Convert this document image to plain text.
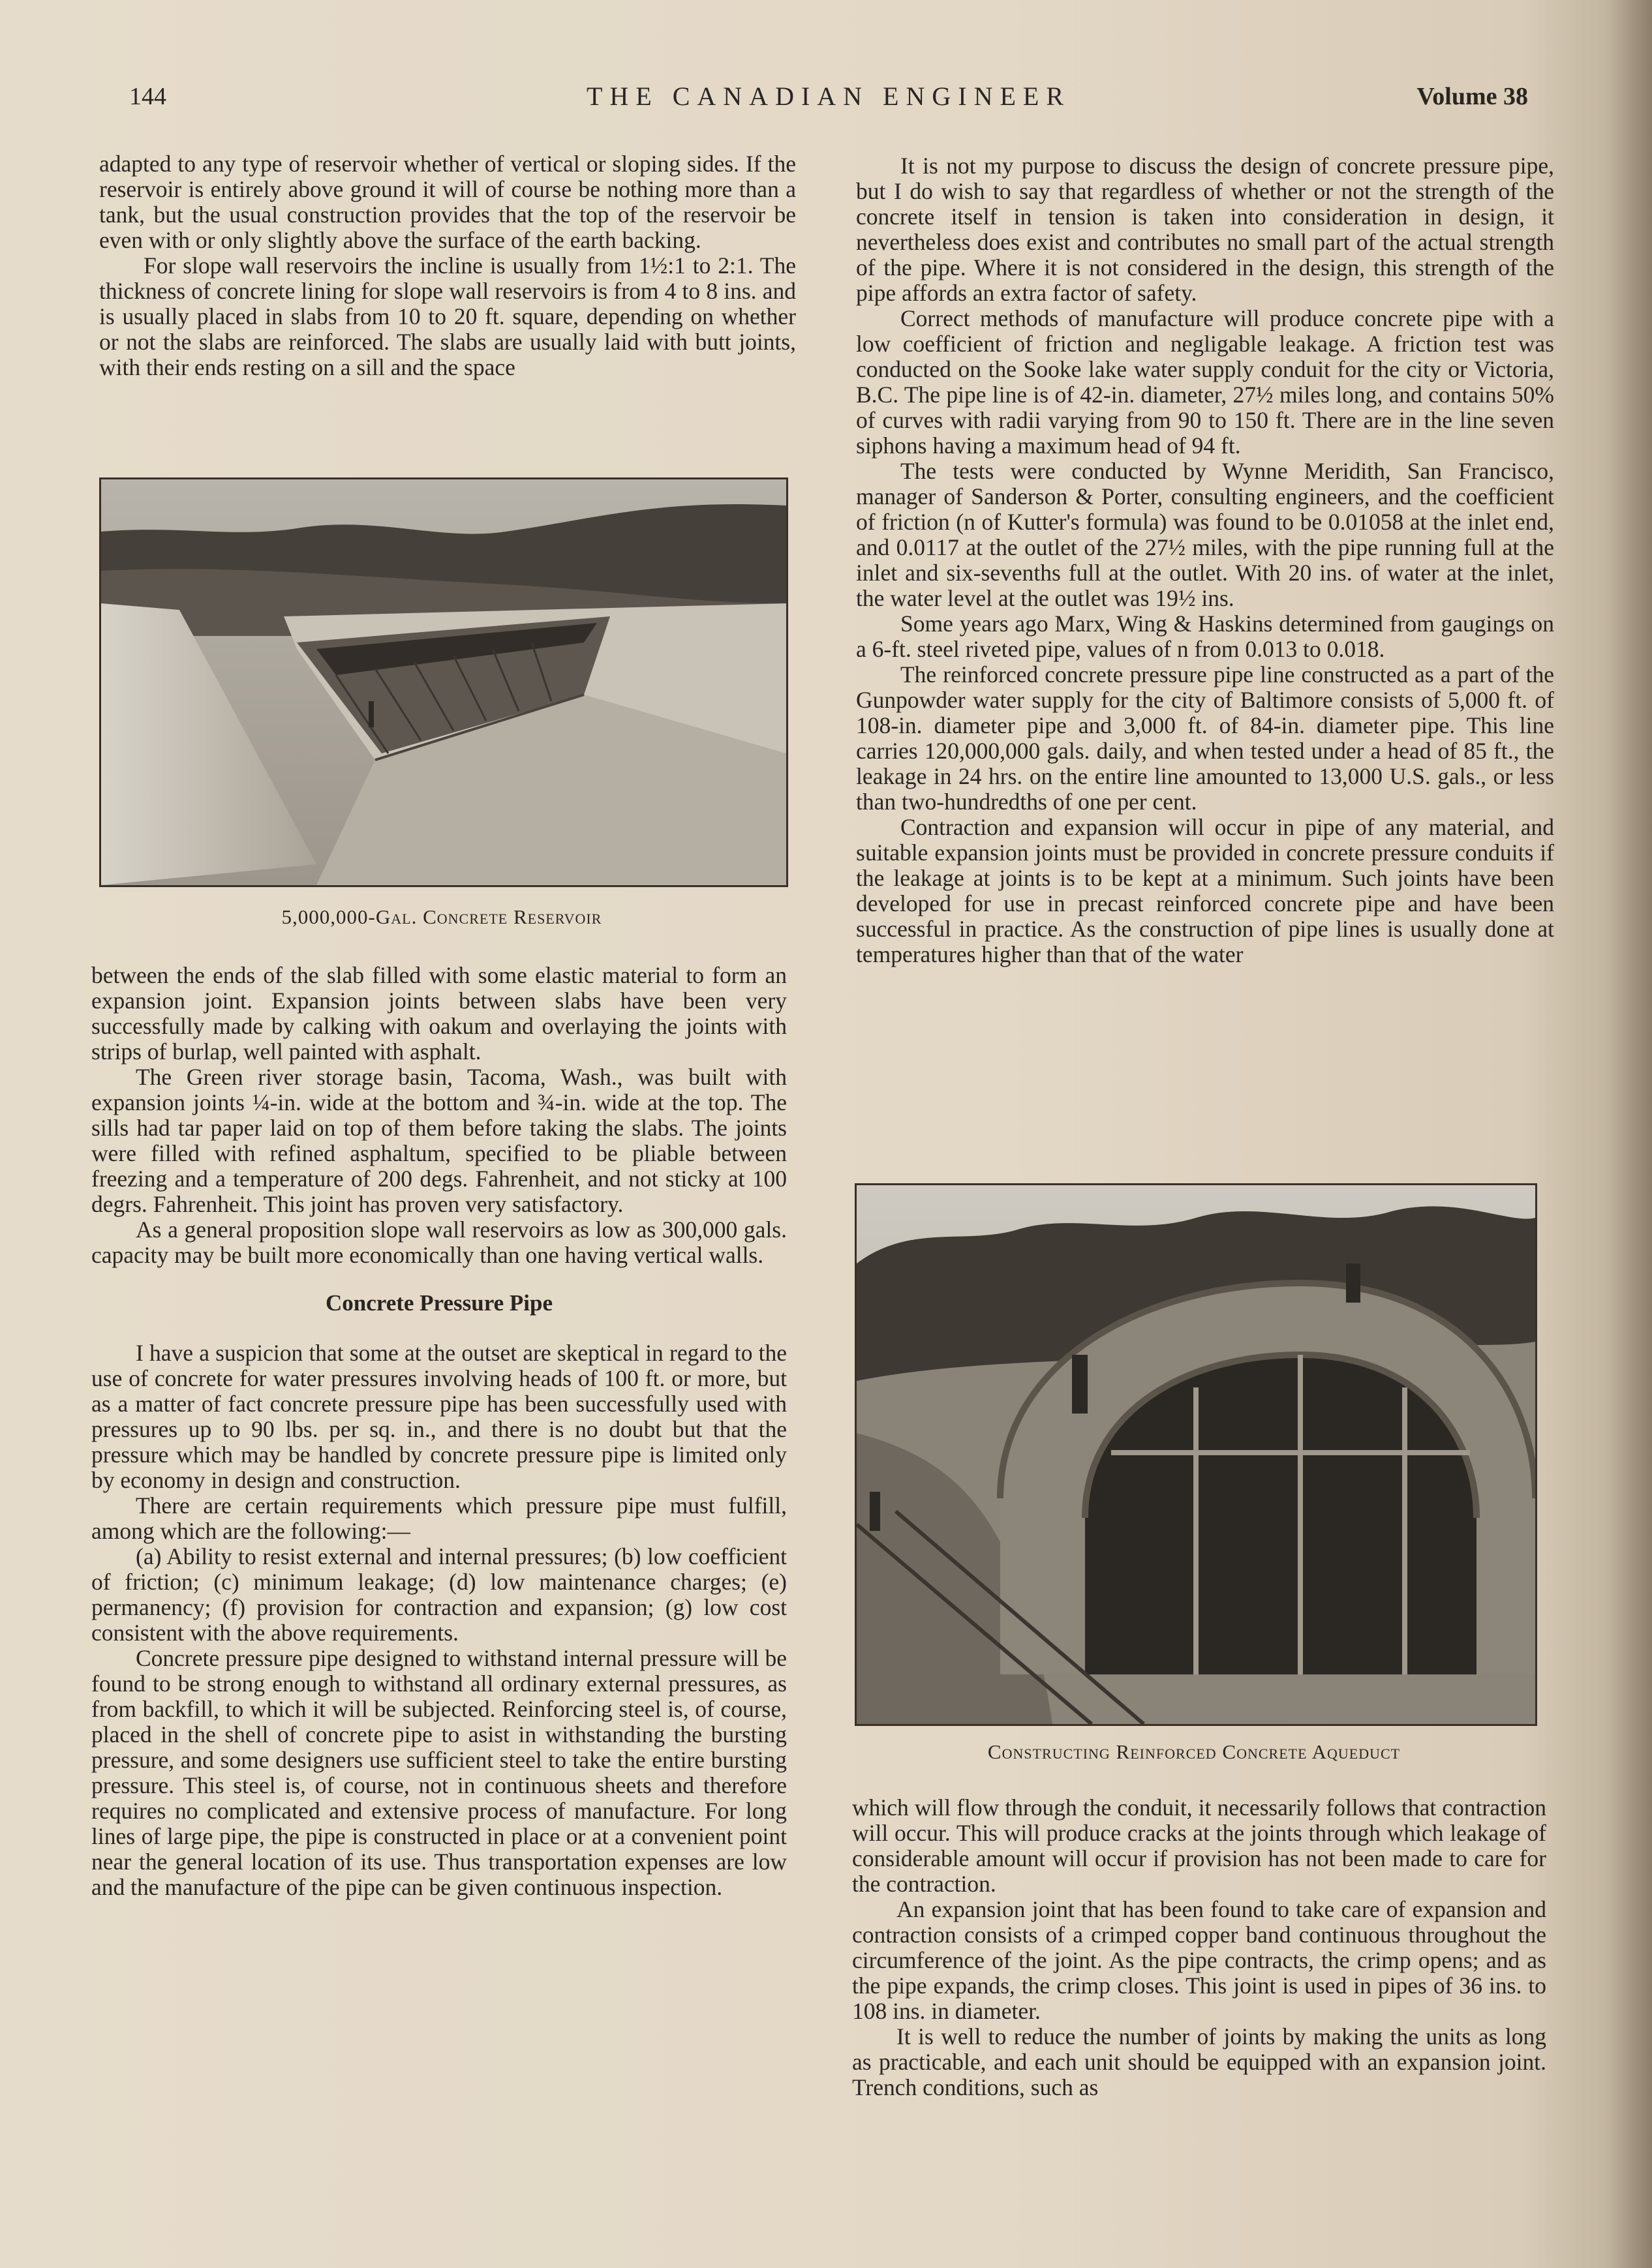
144	THE CANADIAN ENGINEER	Volume 38

adapted to any type of reservoir whether of vertical or sloping sides. If the reservoir is entirely above ground it will of course be nothing more than a tank, but the usual construction provides that the top of the reservoir be even with or only slightly above the surface of the earth backing.

For slope wall reservoirs the incline is usually from 1½:1 to 2:1. The thickness of concrete lining for slope wall reservoirs is from 4 to 8 ins. and is usually placed in slabs from 10 to 20 ft. square, depending on whether or not the slabs are reinforced. The slabs are usually laid with butt joints, with their ends resting on a sill and the space

5,000,000-Gal. Concrete Reservoir

between the ends of the slab filled with some elastic material to form an expansion joint. Expansion joints between slabs have been very successfully made by calking with oakum and overlaying the joints with strips of burlap, well painted with asphalt.

The Green river storage basin, Tacoma, Wash., was built with expansion joints ¼-in. wide at the bottom and ¾-in. wide at the top. The sills had tar paper laid on top of them before taking the slabs. The joints were filled with refined asphaltum, specified to be pliable between freezing and a temperature of 200 degs. Fahrenheit, and not sticky at 100 degrs. Fahrenheit. This joint has proven very satisfactory.

As a general proposition slope wall reservoirs as low as 300,000 gals. capacity may be built more economically than one having vertical walls.

Concrete Pressure Pipe

I have a suspicion that some at the outset are skeptical in regard to the use of concrete for water pressures involving heads of 100 ft. or more, but as a matter of fact concrete pressure pipe has been successfully used with pressures up to 90 lbs. per sq. in., and there is no doubt but that the pressure which may be handled by concrete pressure pipe is limited only by economy in design and construction.

There are certain requirements which pressure pipe must fulfill, among which are the following:—

(a) Ability to resist external and internal pressures; (b) low coefficient of friction; (c) minimum leakage; (d) low maintenance charges; (e) permanency; (f) provision for contraction and expansion; (g) low cost consistent with the above requirements.

Concrete pressure pipe designed to withstand internal pressure will be found to be strong enough to withstand all ordinary external pressures, as from backfill, to which it will be subjected. Reinforcing steel is, of course, placed in the shell of concrete pipe to asist in withstanding the bursting pressure, and some designers use sufficient steel to take the entire bursting pressure. This steel is, of course, not in continuous sheets and therefore requires no complicated and extensive process of manufacture. For long lines of large pipe, the pipe is constructed in place or at a convenient point near the general location of its use. Thus transportation expenses are low and the manufacture of the pipe can be given continuous inspection.

It is not my purpose to discuss the design of concrete pressure pipe, but I do wish to say that regardless of whether or not the strength of the concrete itself in tension is taken into consideration in design, it nevertheless does exist and contributes no small part of the actual strength of the pipe. Where it is not considered in the design, this strength of the pipe affords an extra factor of safety.

Correct methods of manufacture will produce concrete pipe with a low coefficient of friction and negligable leakage. A friction test was conducted on the Sooke lake water supply conduit for the city or Victoria, B.C. The pipe line is of 42-in. diameter, 27½ miles long, and contains 50% of curves with radii varying from 90 to 150 ft. There are in the line seven siphons having a maximum head of 94 ft.

The tests were conducted by Wynne Meridith, San Francisco, manager of Sanderson & Porter, consulting engineers, and the coefficient of friction (n of Kutter's formula) was found to be 0.01058 at the inlet end, and 0.0117 at the outlet of the 27½ miles, with the pipe running full at the inlet and six-sevenths full at the outlet. With 20 ins. of water at the inlet, the water level at the outlet was 19½ ins.

Some years ago Marx, Wing & Haskins determined from gaugings on a 6-ft. steel riveted pipe, values of n from 0.013 to 0.018.

The reinforced concrete pressure pipe line constructed as a part of the Gunpowder water supply for the city of Baltimore consists of 5,000 ft. of 108-in. diameter pipe and 3,000 ft. of 84-in. diameter pipe. This line carries 120,000,000 gals. daily, and when tested under a head of 85 ft., the leakage in 24 hrs. on the entire line amounted to 13,000 U.S. gals., or less than two-hundredths of one per cent.

Contraction and expansion will occur in pipe of any material, and suitable expansion joints must be provided in concrete pressure conduits if the leakage at joints is to be kept at a minimum. Such joints have been developed for use in precast reinforced concrete pipe and have been successful in practice. As the construction of pipe lines is usually done at temperatures higher than that of the water

Constructing Reinforced Concrete Aqueduct

which will flow through the conduit, it necessarily follows that contraction will occur. This will produce cracks at the joints through which leakage of considerable amount will occur if provision has not been made to care for the contraction.

An expansion joint that has been found to take care of expansion and contraction consists of a crimped copper band continuous throughout the circumference of the joint. As the pipe contracts, the crimp opens; and as the pipe expands, the crimp closes. This joint is used in pipes of 36 ins. to 108 ins. in diameter.

It is well to reduce the number of joints by making the units as long as practicable, and each unit should be equipped with an expansion joint. Trench conditions, such as
